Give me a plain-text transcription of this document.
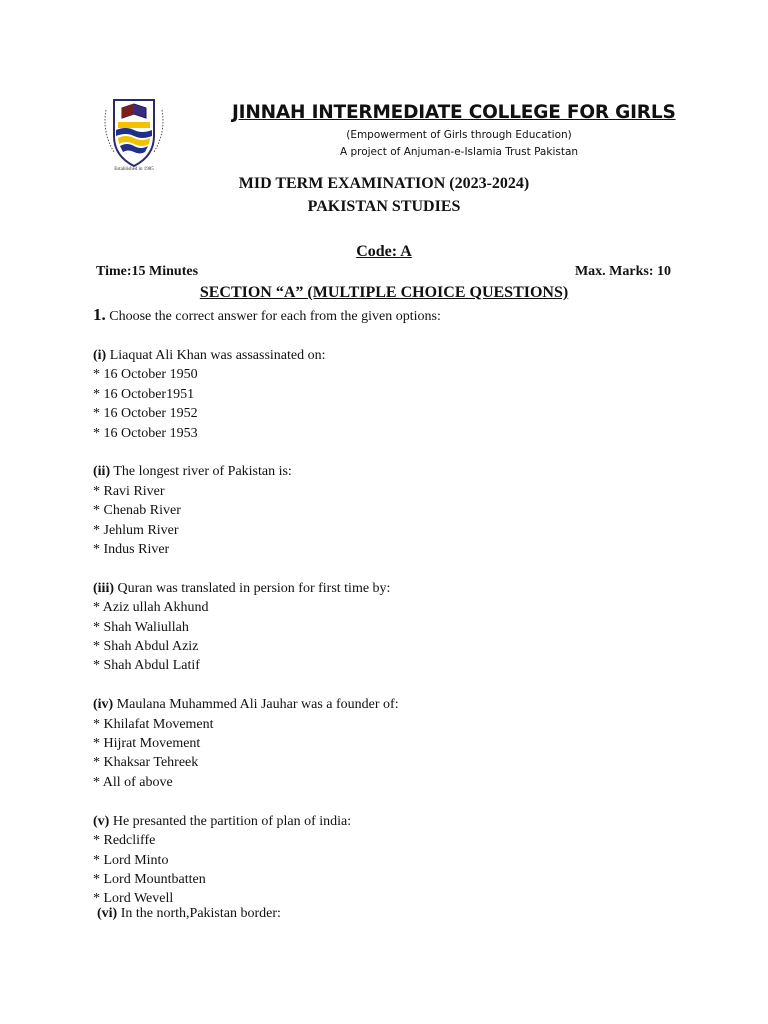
Established in 1985
JINNAH INTERMEDIATE COLLEGE FOR GIRLS
(Empowerment of Girls through Education)
A project of Anjuman-e-Islamia Trust Pakistan
MID TERM EXAMINATION (2023-2024)
PAKISTAN STUDIES
Code: A
Time:15 Minutes	Max. Marks: 10
SECTION “A” (MULTIPLE CHOICE QUESTIONS)
1. Choose the correct answer for each from the given options:
(i) Liaquat Ali Khan was assassinated on:
* 16 October 1950
* 16 October1951
* 16 October 1952
* 16 October 1953
(ii) The longest river of Pakistan is:
* Ravi River
* Chenab River
* Jehlum River
* Indus River
(iii) Quran was translated in persion for first time by:
* Aziz ullah Akhund
* Shah Waliullah
* Shah Abdul Aziz
* Shah Abdul Latif
(iv) Maulana Muhammed Ali Jauhar was a founder of:
* Khilafat Movement
* Hijrat Movement
* Khaksar Tehreek
* All of above
(v) He presanted the partition of plan of india:
* Redcliffe
* Lord Minto
* Lord Mountbatten
* Lord Wevell
(vi) In the north,Pakistan border:
